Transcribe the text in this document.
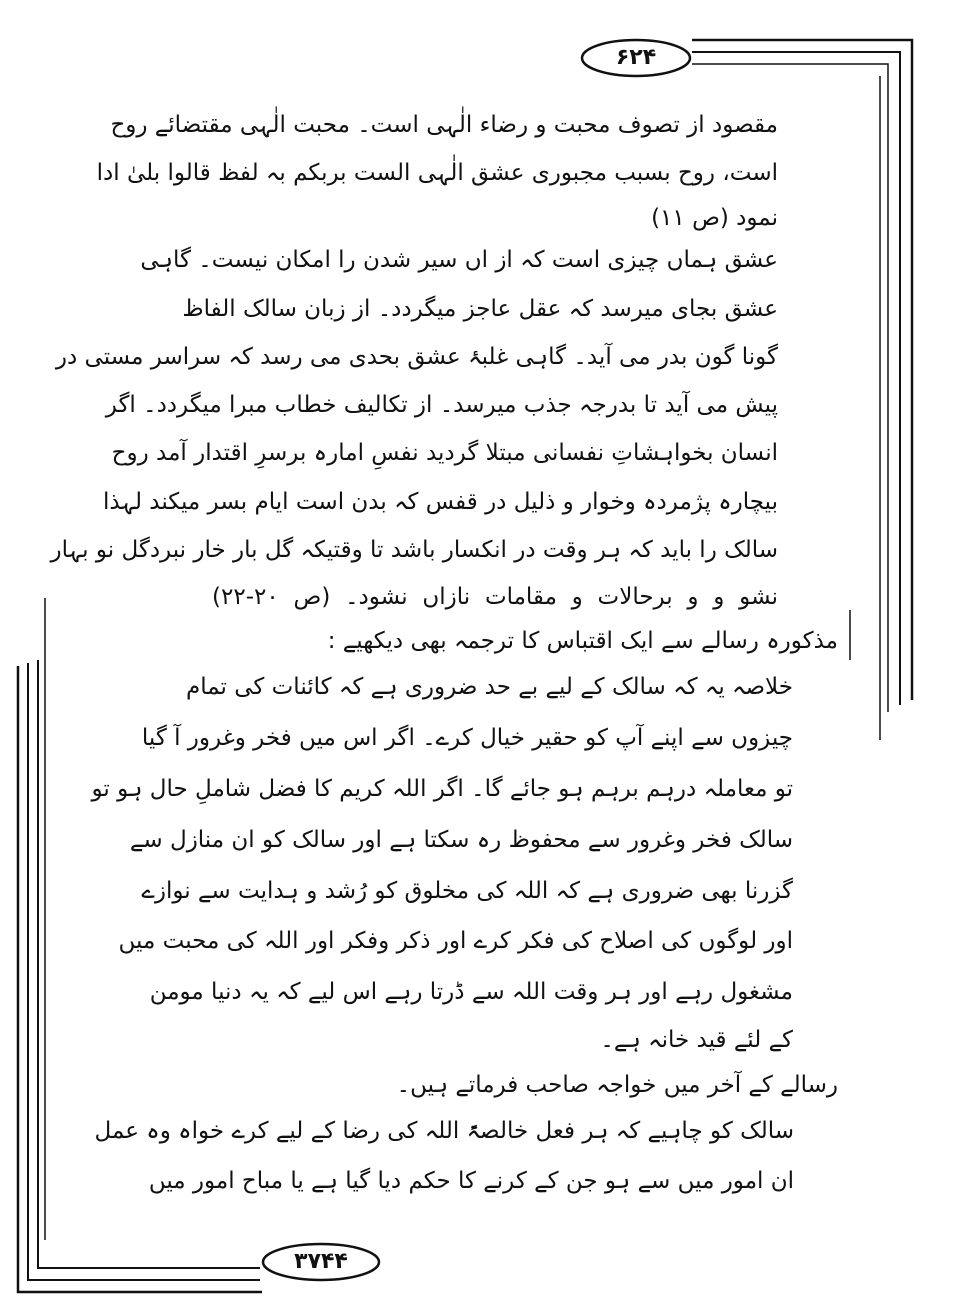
۶۲۴
۳۷۴۴
مقصود از تصوف محبت و رضاء الٰہی است۔ محبت الٰہی مقتضائے روح
است، روح بسبب مجبوری عشق الٰہی الست بربکم بہ لفظ قالوا بلیٰ ادا
نمود (ص ۱۱)
عشق ہماں چیزی است کہ از اں سیر شدن را امکان نیست۔ گاہی
عشق بجای میرسد کہ عقل عاجز میگردد۔ از زبان سالک الفاظ
گونا گون بدر می آید۔ گاہی غلبۂ عشق بحدی می رسد کہ سراسر مستی در
پیش می آید تا بدرجہ جذب میرسد۔ از تکالیف خطاب مبرا میگردد۔ اگر
انسان بخواہشاتِ نفسانی مبتلا گردید نفسِ امارہ برسرِ اقتدار آمد روح
بیچارہ پژمردہ وخوار و ذلیل در قفس کہ بدن است ایام بسر میکند لہذا
سالک را باید کہ ہر وقت در انکسار باشد تا وقتیکہ گل بار خار نبردگل نو بہار
نشو و و برحالات و مقامات نازاں نشود۔ (ص ۲۰-۲۲)
مذکورہ رسالے سے ایک اقتباس کا ترجمہ بھی دیکھیے :
خلاصہ یہ کہ سالک کے لیے بے حد ضروری ہے کہ کائنات کی تمام
چیزوں سے اپنے آپ کو حقیر خیال کرے۔ اگر اس میں فخر وغرور آ گیا
تو معاملہ درہم برہم ہو جائے گا۔ اگر اللہ کریم کا فضل شاملِ حال ہو تو
سالک فخر وغرور سے محفوظ رہ سکتا ہے اور سالک کو ان منازل سے
گزرنا بھی ضروری ہے کہ اللہ کی مخلوق کو رُشد و ہدایت سے نوازے
اور لوگوں کی اصلاح کی فکر کرے اور ذکر وفکر اور اللہ کی محبت میں
مشغول رہے اور ہر وقت اللہ سے ڈرتا رہے اس لیے کہ یہ دنیا مومن
کے لئے قید خانہ ہے۔
رسالے کے آخر میں خواجہ صاحب فرماتے ہیں۔
سالک کو چاہیے کہ ہر فعل خالصۃً اللہ کی رضا کے لیے کرے خواہ وہ عمل
ان امور میں سے ہو جن کے کرنے کا حکم دیا گیا ہے یا مباح امور میں
